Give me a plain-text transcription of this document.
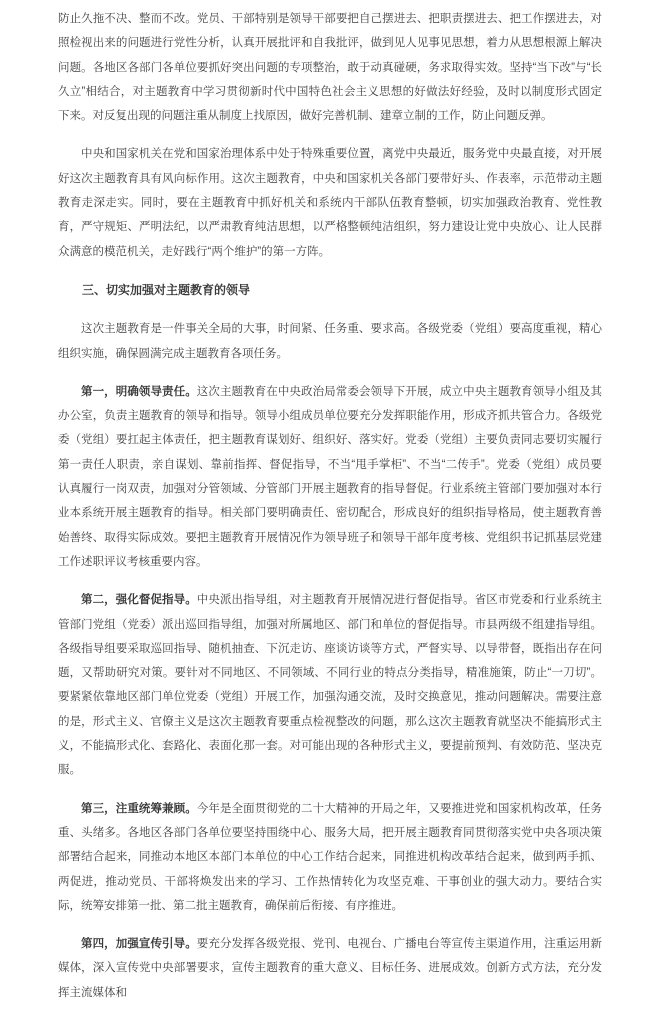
防止久拖不决、整而不改。党员、干部特别是领导干部要把自己摆进去、把职责摆进去、把工作摆进去，对照检视出来的问题进行党性分析，认真开展批评和自我批评，做到见人见事见思想，着力从思想根源上解决问题。各地区各部门各单位要抓好突出问题的专项整治，敢于动真碰硬，务求取得实效。坚持“当下改”与“长久立”相结合，对主题教育中学习贯彻新时代中国特色社会主义思想的好做法好经验，及时以制度形式固定下来。对反复出现的问题注重从制度上找原因，做好完善机制、建章立制的工作，防止问题反弹。

中央和国家机关在党和国家治理体系中处于特殊重要位置，离党中央最近，服务党中央最直接，对开展好这次主题教育具有风向标作用。这次主题教育，中央和国家机关各部门要带好头、作表率，示范带动主题教育走深走实。同时，要在主题教育中抓好机关和系统内干部队伍教育整顿，切实加强政治教育、党性教育，严守规矩、严明法纪，以严肃教育纯洁思想，以严格整顿纯洁组织，努力建设让党中央放心、让人民群众满意的模范机关，走好践行“两个维护”的第一方阵。

三、切实加强对主题教育的领导

这次主题教育是一件事关全局的大事，时间紧、任务重、要求高。各级党委（党组）要高度重视，精心组织实施，确保圆满完成主题教育各项任务。

第一，明确领导责任。这次主题教育在中央政治局常委会领导下开展，成立中央主题教育领导小组及其办公室，负责主题教育的领导和指导。领导小组成员单位要充分发挥职能作用，形成齐抓共管合力。各级党委（党组）要扛起主体责任，把主题教育谋划好、组织好、落实好。党委（党组）主要负责同志要切实履行第一责任人职责，亲自谋划、靠前指挥、督促指导，不当“甩手掌柜”、不当“二传手”。党委（党组）成员要认真履行一岗双责，加强对分管领域、分管部门开展主题教育的指导督促。行业系统主管部门要加强对本行业本系统开展主题教育的指导。相关部门要明确责任、密切配合，形成良好的组织指导格局，使主题教育善始善终、取得实际成效。要把主题教育开展情况作为领导班子和领导干部年度考核、党组织书记抓基层党建工作述职评议考核重要内容。

第二，强化督促指导。中央派出指导组，对主题教育开展情况进行督促指导。省区市党委和行业系统主管部门党组（党委）派出巡回指导组，加强对所属地区、部门和单位的督促指导。市县两级不组建指导组。各级指导组要采取巡回指导、随机抽查、下沉走访、座谈访谈等方式，严督实导、以导带督，既指出存在问题，又帮助研究对策。要针对不同地区、不同领域、不同行业的特点分类指导，精准施策，防止“一刀切”。要紧紧依靠地区部门单位党委（党组）开展工作，加强沟通交流，及时交换意见，推动问题解决。需要注意的是，形式主义、官僚主义是这次主题教育要重点检视整改的问题，那么这次主题教育就坚决不能搞形式主义，不能搞形式化、套路化、表面化那一套。对可能出现的各种形式主义，要提前预判、有效防范、坚决克服。

第三，注重统筹兼顾。今年是全面贯彻党的二十大精神的开局之年，又要推进党和国家机构改革，任务重、头绪多。各地区各部门各单位要坚持围绕中心、服务大局，把开展主题教育同贯彻落实党中央各项决策部署结合起来，同推动本地区本部门本单位的中心工作结合起来，同推进机构改革结合起来，做到两手抓、两促进，推动党员、干部将焕发出来的学习、工作热情转化为攻坚克难、干事创业的强大动力。要结合实际，统筹安排第一批、第二批主题教育，确保前后衔接、有序推进。

第四，加强宣传引导。要充分发挥各级党报、党刊、电视台、广播电台等宣传主渠道作用，注重运用新媒体，深入宣传党中央部署要求，宣传主题教育的重大意义、目标任务、进展成效。创新方式方法，充分发挥主流媒体和
